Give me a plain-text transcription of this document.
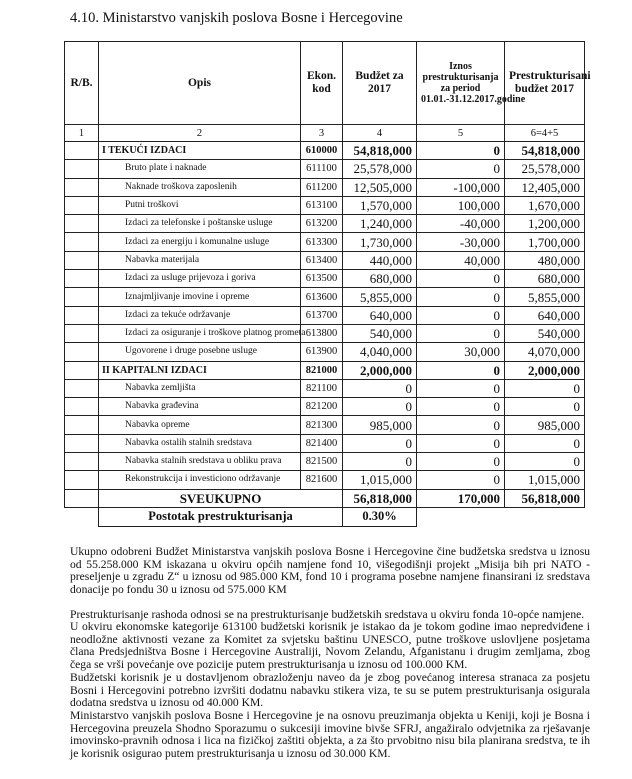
4.10. Ministarstvo vanjskih poslova Bosne i Hercegovine
R/B.	Opis	Ekon. kod	Budžet za 2017	Iznos prestrukturisanja za period 01.01.-31.12.2017.godine	Prestrukturisani budžet 2017
1	2	3	4	5	6=4+5
	I TEKUĆI IZDACI	610000	54,818,000	0	54,818,000
	Bruto plate i naknade	611100	25,578,000	0	25,578,000
	Naknade troškova zaposlenih	611200	12,505,000	-100,000	12,405,000
	Putni troškovi	613100	1,570,000	100,000	1,670,000
	Izdaci za telefonske i poštanske usluge	613200	1,240,000	-40,000	1,200,000
	Izdaci za energiju i komunalne usluge	613300	1,730,000	-30,000	1,700,000
	Nabavka materijala	613400	440,000	40,000	480,000
	Izdaci za usluge prijevoza i goriva	613500	680,000	0	680,000
	Iznajmljivanje imovine i opreme	613600	5,855,000	0	5,855,000
	Izdaci za tekuće održavanje	613700	640,000	0	640,000
	Izdaci za osiguranje i troškove platnog prometa	613800	540,000	0	540,000
	Ugovorene i druge posebne usluge	613900	4,040,000	30,000	4,070,000
	II KAPITALNI IZDACI	821000	2,000,000	0	2,000,000
	Nabavka zemljišta	821100	0	0	0
	Nabavka građevina	821200	0	0	0
	Nabavka opreme	821300	985,000	0	985,000
	Nabavka ostalih stalnih sredstava	821400	0	0	0
	Nabavka stalnih sredstava u obliku prava	821500	0	0	0
	Rekonstrukcija i investiciono održavanje	821600	1,015,000	0	1,015,000
	SVEUKUPNO		56,818,000	170,000	56,818,000
	Postotak prestrukturisanja		0.30%		
Ukupno odobreni Budžet Ministarstva vanjskih poslova Bosne i Hercegovine čine budžetska sredstva u iznosu od 55.258.000 KM iskazana u okviru općih namjene fond 10, višegodišnji projekt „Misija bih pri NATO - preseljenje u zgradu Z“ u iznosu od 985.000 KM, fond 10 i programa posebne namjene finansirani iz sredstava donacije po fondu 30 u iznosu od 575.000 KM
Prestrukturisanje rashoda odnosi se na prestrukturisanje budžetskih sredstava u okviru fonda 10-opće namjene.
U okviru ekonomske kategorije 613100 budžetski korisnik je istakao da je tokom godine imao nepredviđene i neodložne aktivnosti vezane za Komitet za svjetsku baštinu UNESCO, putne troškove uslovljene posjetama člana Predsjedništva Bosne i Hercegovine Australiji, Novom Zelandu, Afganistanu i drugim zemljama, zbog čega se vrši povećanje ove pozicije putem prestrukturisanja u iznosu od 100.000 KM.
Budžetski korisnik je u dostavljenom obrazloženju naveo da je zbog povećanog interesa stranaca za posjetu Bosni i Hercegovini potrebno izvršiti dodatnu nabavku stikera viza, te su se putem prestrukturisanja osigurala dodatna sredstva u iznosu od 40.000 KM.
Ministarstvo vanjskih poslova Bosne i Hercegovine je na osnovu preuzimanja objekta u Keniji, koji je Bosna i Hercegovina preuzela Shodno Sporazumu o sukcesiji imovine bivše SFRJ, angažiralo odvjetnika za rješavanje imovinsko-pravnih odnosa i lica na fizičkoj zaštiti objekta, a za što prvobitno nisu bila planirana sredstva, te ih je korisnik osigurao putem prestrukturisanja u iznosu od 30.000 KM.
